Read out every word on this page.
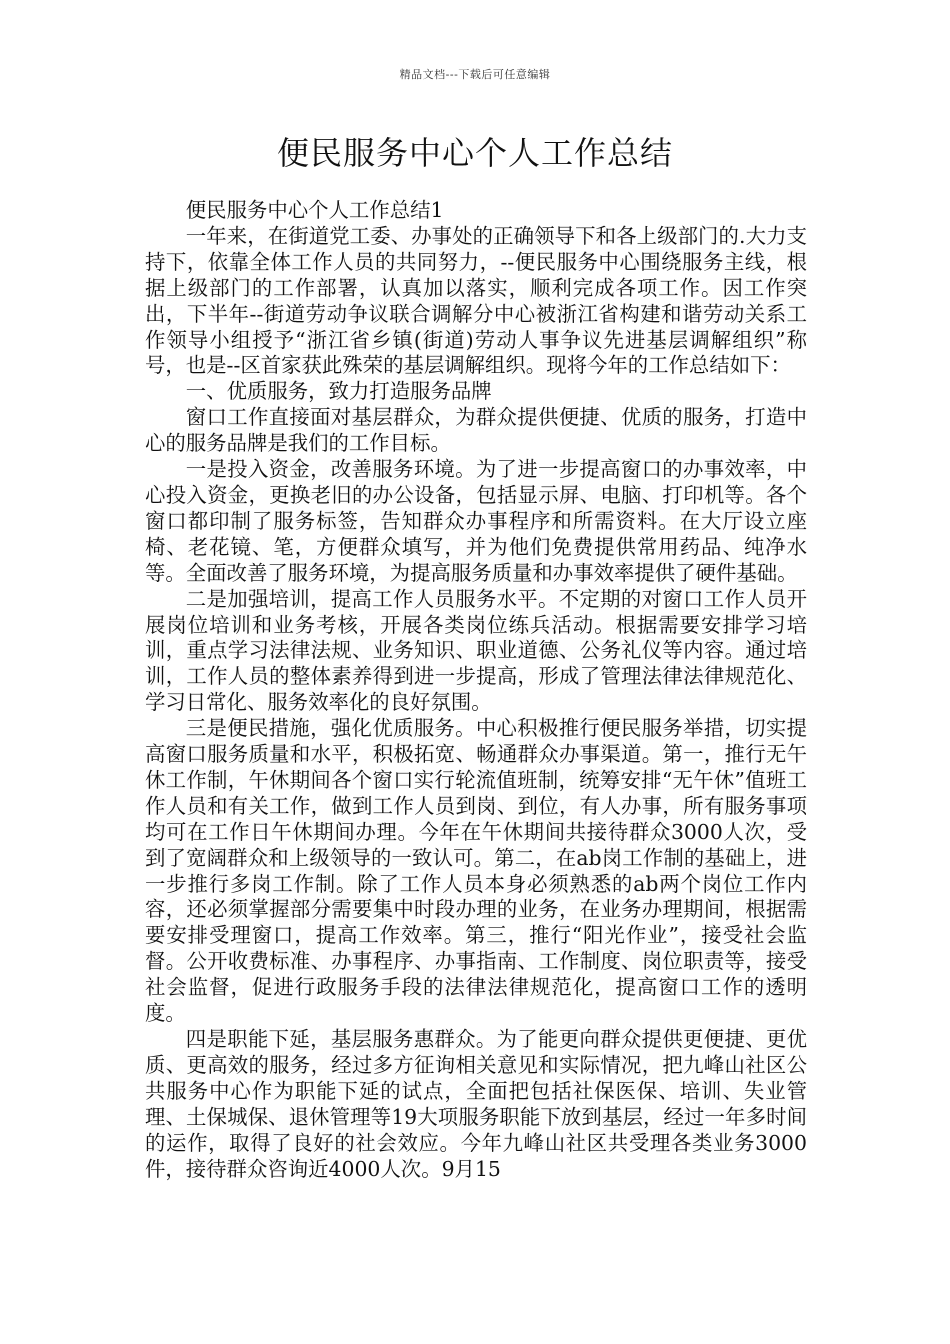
精品文档---下载后可任意编辑
便民服务中心个人工作总结

便民服务中心个人工作总结1

一年来，在街道党工委、办事处的正确领导下和各上级部门的.大力支持下，依靠全体工作人员的共同努力，--便民服务中心围绕服务主线，根据上级部门的工作部署，认真加以落实，顺利完成各项工作。因工作突出，下半年--街道劳动争议联合调解分中心被浙江省构建和谐劳动关系工作领导小组授予“浙江省乡镇(街道)劳动人事争议先进基层调解组织”称号，也是--区首家获此殊荣的基层调解组织。现将今年的工作总结如下：

一、优质服务，致力打造服务品牌

窗口工作直接面对基层群众，为群众提供便捷、优质的服务，打造中心的服务品牌是我们的工作目标。

一是投入资金，改善服务环境。为了进一步提高窗口的办事效率，中心投入资金，更换老旧的办公设备，包括显示屏、电脑、打印机等。各个窗口都印制了服务标签，告知群众办事程序和所需资料。在大厅设立座椅、老花镜、笔，方便群众填写，并为他们免费提供常用药品、纯净水等。全面改善了服务环境，为提高服务质量和办事效率提供了硬件基础。

二是加强培训，提高工作人员服务水平。不定期的对窗口工作人员开展岗位培训和业务考核，开展各类岗位练兵活动。根据需要安排学习培训，重点学习法律法规、业务知识、职业道德、公务礼仪等内容。通过培训，工作人员的整体素养得到进一步提高，形成了管理法律法律规范化、学习日常化、服务效率化的良好氛围。

三是便民措施，强化优质服务。中心积极推行便民服务举措，切实提高窗口服务质量和水平，积极拓宽、畅通群众办事渠道。第一，推行无午休工作制，午休期间各个窗口实行轮流值班制，统筹安排“无午休”值班工作人员和有关工作，做到工作人员到岗、到位，有人办事，所有服务事项均可在工作日午休期间办理。今年在午休期间共接待群众3000人次，受到了宽阔群众和上级领导的一致认可。第二，在ab岗工作制的基础上，进一步推行多岗工作制。除了工作人员本身必须熟悉的ab两个岗位工作内容，还必须掌握部分需要集中时段办理的业务，在业务办理期间，根据需要安排受理窗口，提高工作效率。第三，推行“阳光作业”，接受社会监督。公开收费标准、办事程序、办事指南、工作制度、岗位职责等，接受社会监督，促进行政服务手段的法律法律规范化，提高窗口工作的透明度。

四是职能下延，基层服务惠群众。为了能更向群众提供更便捷、更优质、更高效的服务，经过多方征询相关意见和实际情况，把九峰山社区公共服务中心作为职能下延的试点，全面把包括社保医保、培训、失业管理、土保城保、退休管理等19大项服务职能下放到基层，经过一年多时间的运作，取得了良好的社会效应。今年九峰山社区共受理各类业务3000件，接待群众咨询近4000人次。9月15
